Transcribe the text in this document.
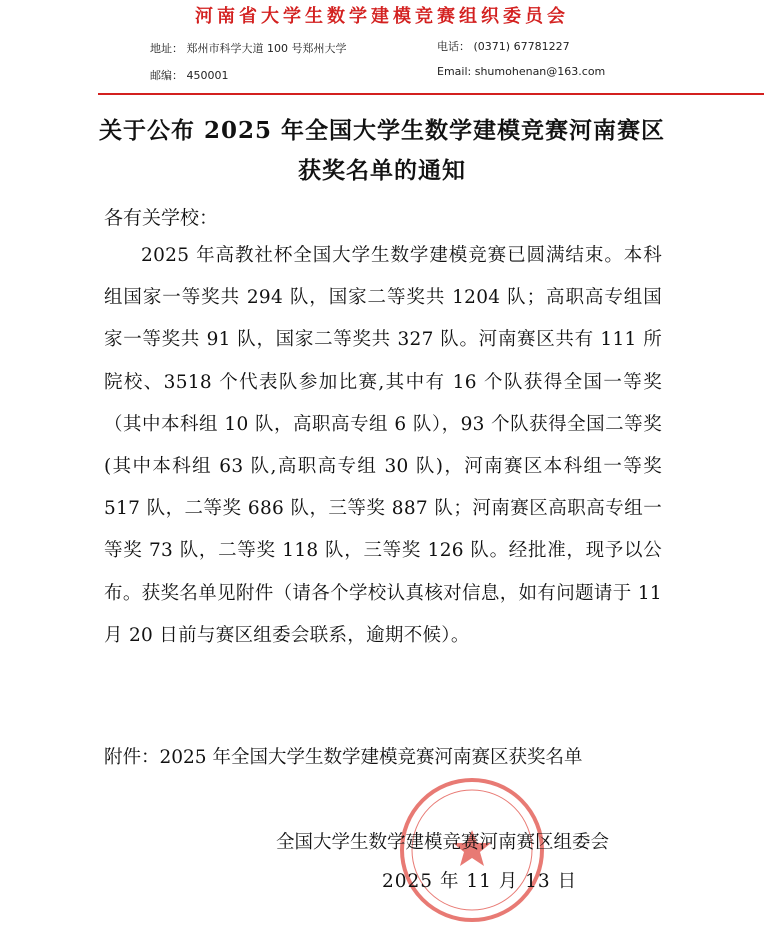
河南省大学生数学建模竞赛组织委员会
地址： 郑州市科学大道 100 号郑州大学
邮编： 450001
电话： (0371) 67781227
Email: shumohenan@163.com
关于公布 2025 年全国大学生数学建模竞赛河南赛区
获奖名单的通知
各有关学校：
2025 年高教社杯全国大学生数学建模竞赛已圆满结束。本科组国家一等奖共 294 队，国家二等奖共 1204 队；高职高专组国家一等奖共 91 队，国家二等奖共 327 队。河南赛区共有 111 所院校、3518 个代表队参加比赛,其中有 16 个队获得全国一等奖（其中本科组 10 队，高职高专组 6 队），93 个队获得全国二等奖(其中本科组 63 队,高职高专组 30 队)，河南赛区本科组一等奖 517 队，二等奖 686 队，三等奖 887 队；河南赛区高职高专组一等奖 73 队，二等奖 118 队，三等奖 126 队。经批准，现予以公布。获奖名单见附件（请各个学校认真核对信息，如有问题请于 11 月 20 日前与赛区组委会联系，逾期不候）。
附件：2025 年全国大学生数学建模竞赛河南赛区获奖名单
全国大学生数学建模竞赛河南赛区组委会
2025 年 11 月 13 日
